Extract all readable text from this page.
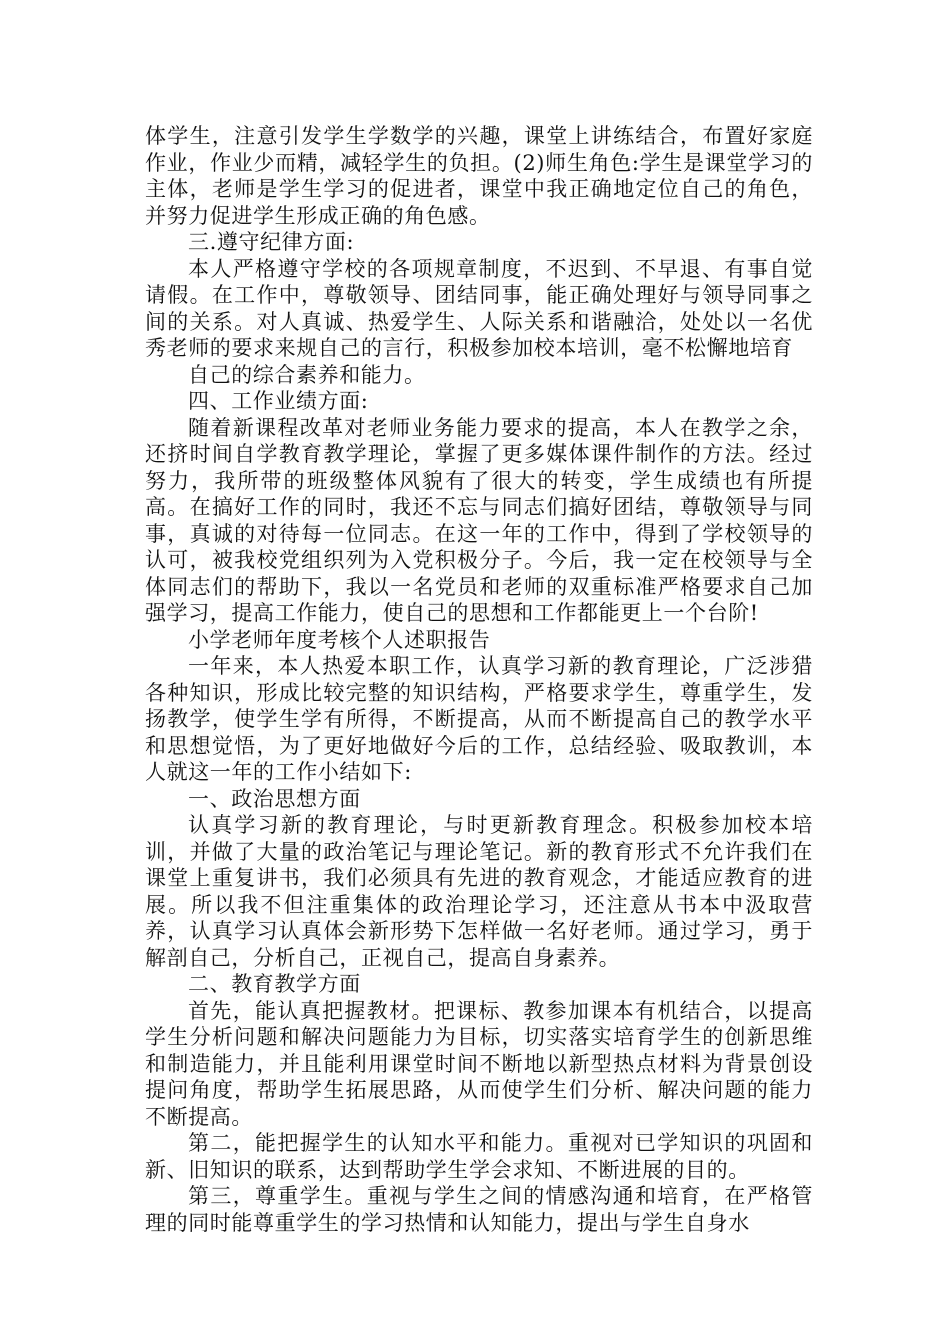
体学生，注意引发学生学数学的兴趣，课堂上讲练结合，布置好家庭作业，作业少而精，减轻学生的负担。(2)师生角色:学生是课堂学习的主体，老师是学生学习的促进者，课堂中我正确地定位自己的角色，并努力促进学生形成正确的角色感。

三.遵守纪律方面:

本人严格遵守学校的各项规章制度，不迟到、不早退、有事自觉请假。在工作中，尊敬领导、团结同事，能正确处理好与领导同事之间的关系。对人真诚、热爱学生、人际关系和谐融洽，处处以一名优秀老师的要求来规自己的言行，积极参加校本培训，毫不松懈地培育

自己的综合素养和能力。

四、工作业绩方面:

随着新课程改革对老师业务能力要求的提高，本人在教学之余，还挤时间自学教育教学理论，掌握了更多媒体课件制作的方法。经过努力，我所带的班级整体风貌有了很大的转变，学生成绩也有所提高。在搞好工作的同时，我还不忘与同志们搞好团结，尊敬领导与同事，真诚的对待每一位同志。在这一年的工作中，得到了学校领导的认可，被我校党组织列为入党积极分子。今后，我一定在校领导与全体同志们的帮助下，我以一名党员和老师的双重标准严格要求自己加强学习，提高工作能力，使自己的思想和工作都能更上一个台阶!

小学老师年度考核个人述职报告

一年来，本人热爱本职工作，认真学习新的教育理论，广泛涉猎各种知识，形成比较完整的知识结构，严格要求学生，尊重学生，发扬教学，使学生学有所得，不断提高，从而不断提高自己的教学水平和思想觉悟，为了更好地做好今后的工作，总结经验、吸取教训，本人就这一年的工作小结如下:

一、政治思想方面

认真学习新的教育理论，与时更新教育理念。积极参加校本培训，并做了大量的政治笔记与理论笔记。新的教育形式不允许我们在课堂上重复讲书，我们必须具有先进的教育观念，才能适应教育的进展。所以我不但注重集体的政治理论学习，还注意从书本中汲取营养，认真学习认真体会新形势下怎样做一名好老师。通过学习，勇于解剖自己，分析自己，正视自己，提高自身素养。

二、教育教学方面

首先，能认真把握教材。把课标、教参加课本有机结合，以提高学生分析问题和解决问题能力为目标，切实落实培育学生的创新思维和制造能力，并且能利用课堂时间不断地以新型热点材料为背景创设提问角度，帮助学生拓展思路，从而使学生们分析、解决问题的能力不断提高。

第二，能把握学生的认知水平和能力。重视对已学知识的巩固和新、旧知识的联系，达到帮助学生学会求知、不断进展的目的。

第三，尊重学生。重视与学生之间的情感沟通和培育，在严格管理的同时能尊重学生的学习热情和认知能力，提出与学生自身水
